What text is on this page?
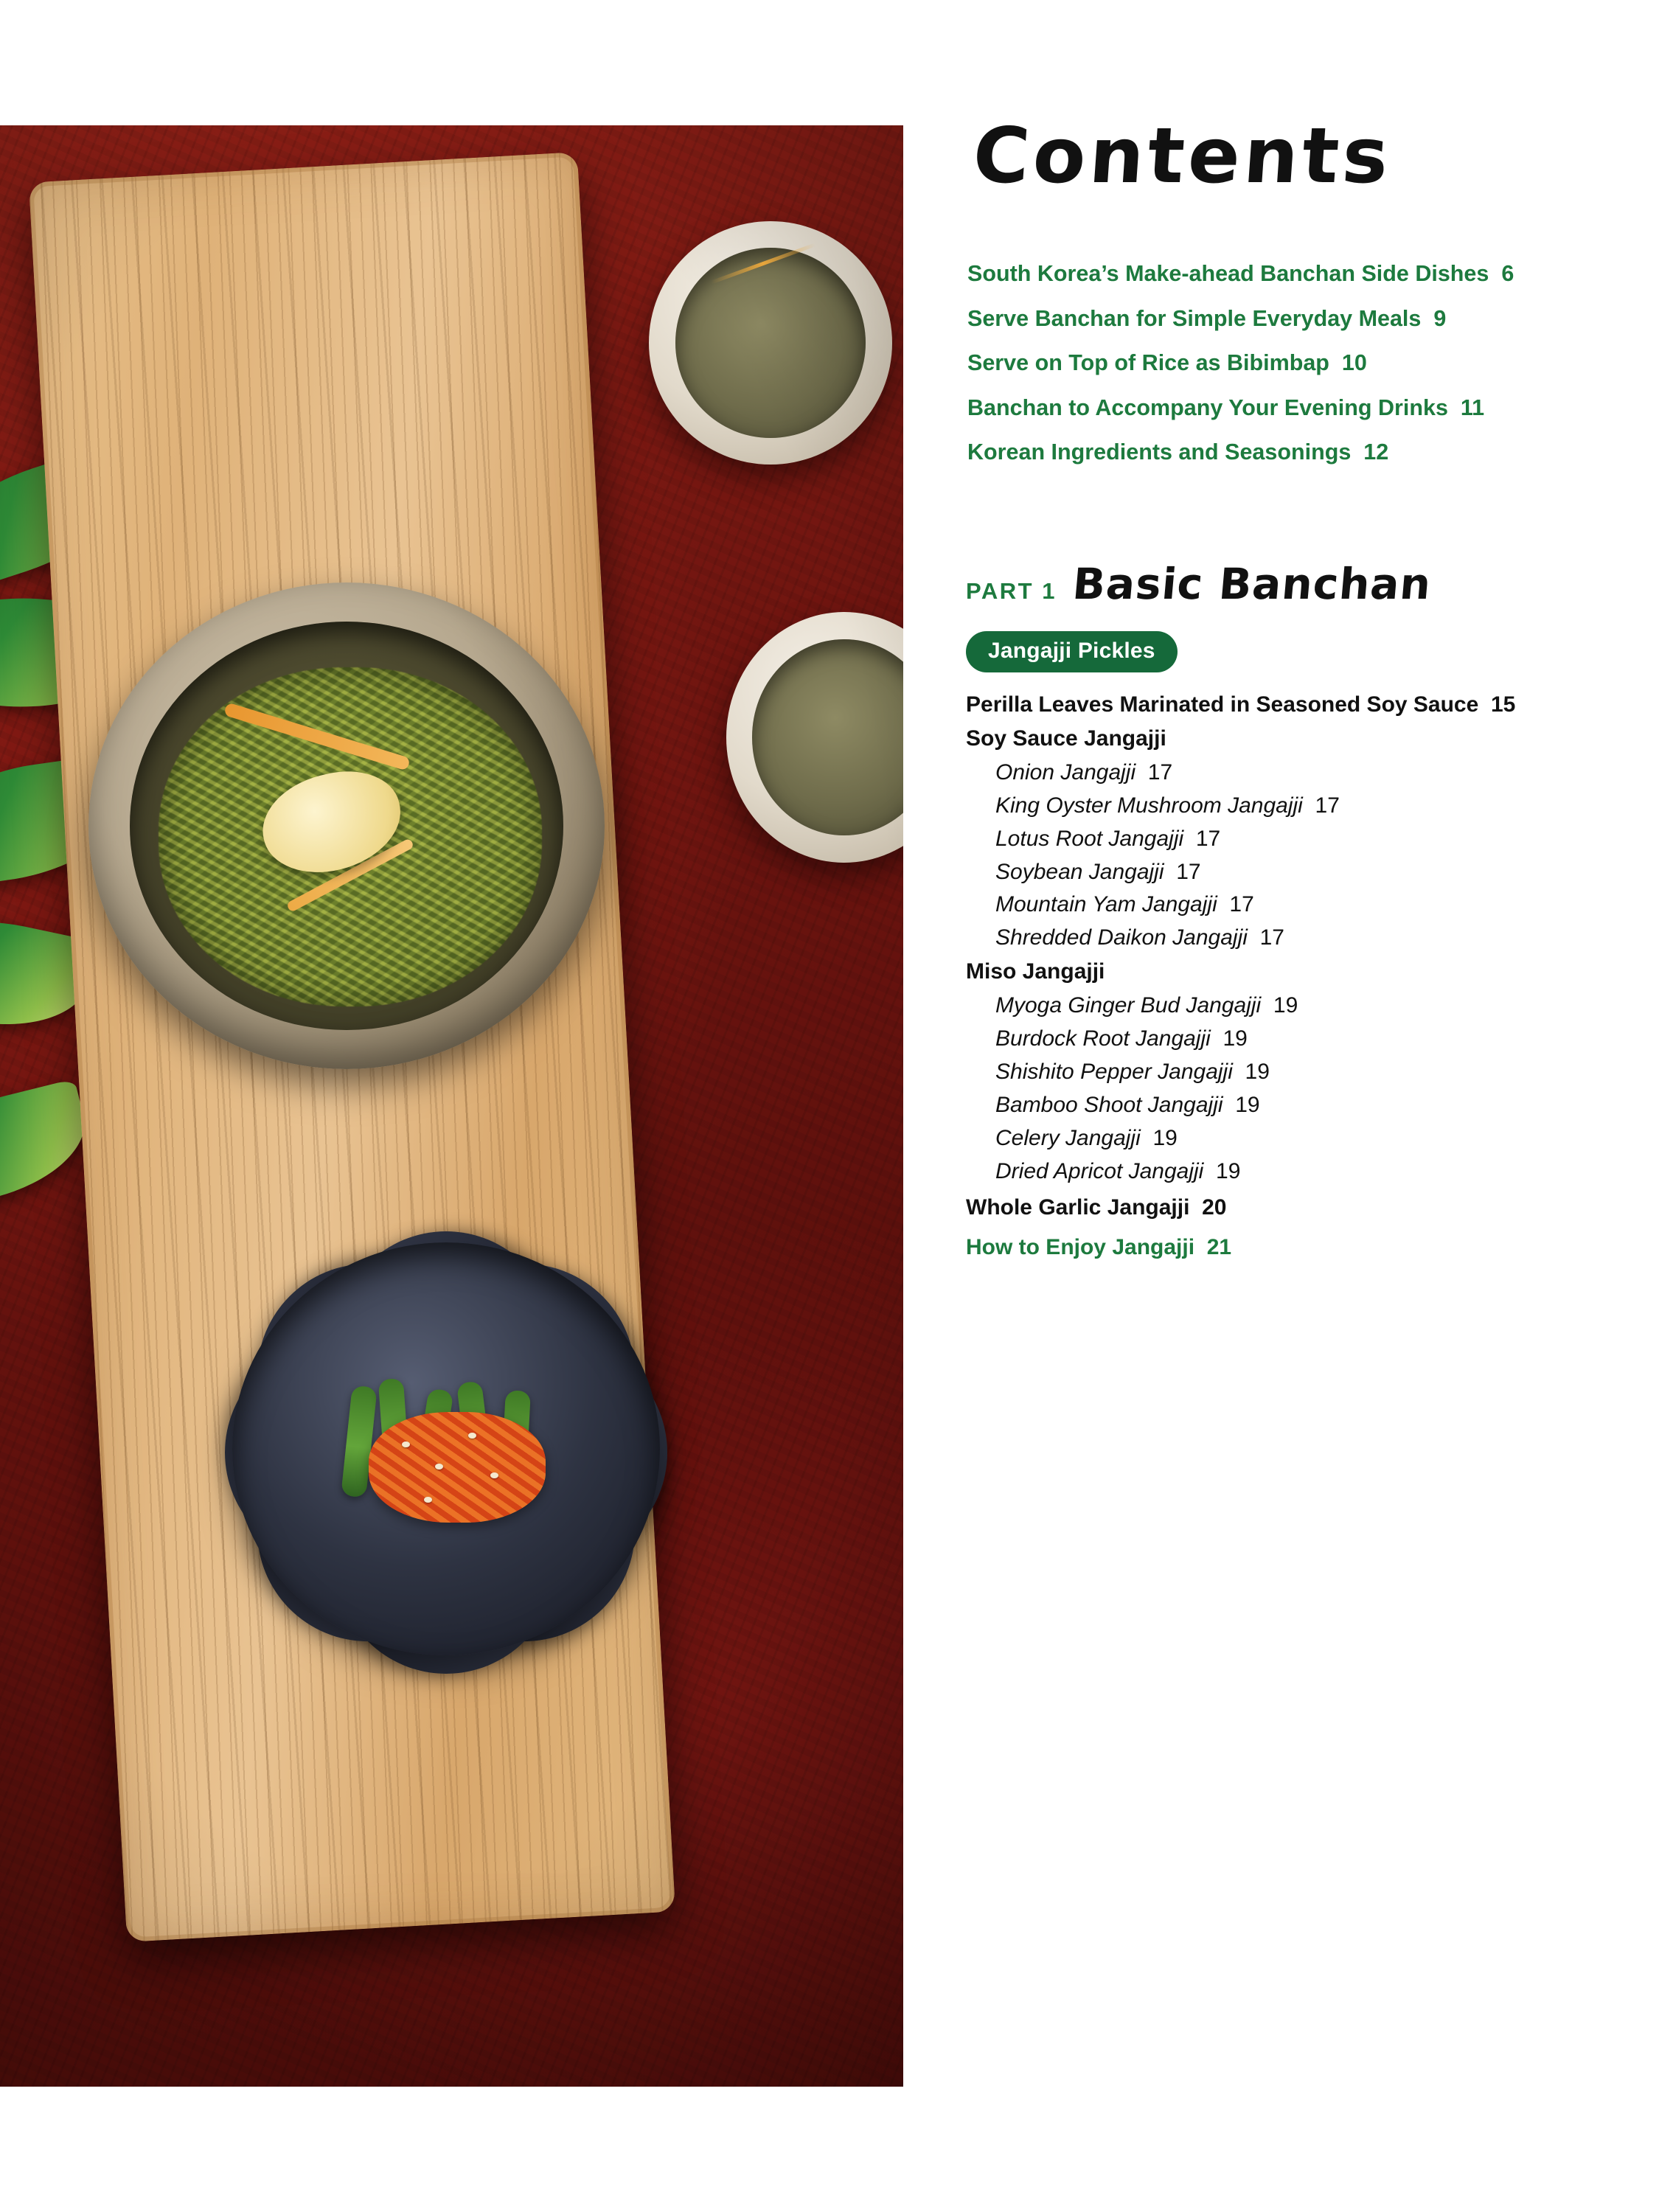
Contents
South Korea’s Make-ahead Banchan Side Dishes 6
Serve Banchan for Simple Everyday Meals 9
Serve on Top of Rice as Bibimbap 10
Banchan to Accompany Your Evening Drinks 11
Korean Ingredients and Seasonings 12
PART 1 Basic Banchan
Jangajji Pickles
Perilla Leaves Marinated in Seasoned Soy Sauce 15
Soy Sauce Jangajji
Onion Jangajji 17
King Oyster Mushroom Jangajji 17
Lotus Root Jangajji 17
Soybean Jangajji 17
Mountain Yam Jangajji 17
Shredded Daikon Jangajji 17
Miso Jangajji
Myoga Ginger Bud Jangajji 19
Burdock Root Jangajji 19
Shishito Pepper Jangajji 19
Bamboo Shoot Jangajji 19
Celery Jangajji 19
Dried Apricot Jangajji 19
Whole Garlic Jangajji 20
How to Enjoy Jangajji 21
